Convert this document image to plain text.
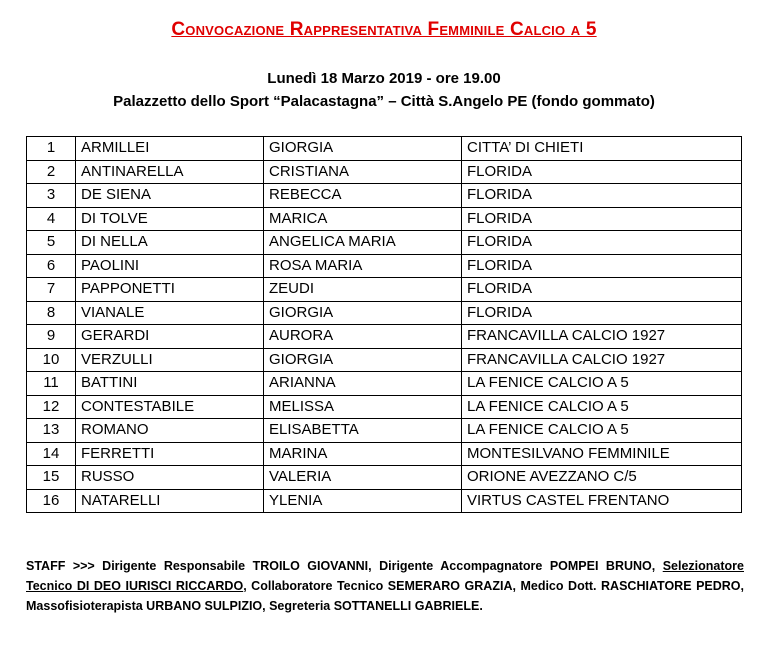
Convocazione Rappresentativa Femminile Calcio a 5
Lunedì 18 Marzo 2019 - ore 19.00
Palazzetto dello Sport “Palacastagna” – Città S.Angelo PE (fondo gommato)
1	ARMILLEI	GIORGIA	CITTA’ DI CHIETI
2	ANTINARELLA	CRISTIANA	FLORIDA
3	DE SIENA	REBECCA	FLORIDA
4	DI TOLVE	MARICA	FLORIDA
5	DI NELLA	ANGELICA MARIA	FLORIDA
6	PAOLINI	ROSA MARIA	FLORIDA
7	PAPPONETTI	ZEUDI	FLORIDA
8	VIANALE	GIORGIA	FLORIDA
9	GERARDI	AURORA	FRANCAVILLA CALCIO 1927
10	VERZULLI	GIORGIA	FRANCAVILLA CALCIO 1927
11	BATTINI	ARIANNA	LA FENICE CALCIO A 5
12	CONTESTABILE	MELISSA	LA FENICE CALCIO A 5
13	ROMANO	ELISABETTA	LA FENICE CALCIO A 5
14	FERRETTI	MARINA	MONTESILVANO FEMMINILE
15	RUSSO	VALERIA	ORIONE AVEZZANO C/5
16	NATARELLI	YLENIA	VIRTUS CASTEL FRENTANO
STAFF >>> Dirigente Responsabile TROILO GIOVANNI, Dirigente Accompagnatore POMPEI BRUNO, Selezionatore Tecnico DI DEO IURISCI RICCARDO, Collaboratore Tecnico SEMERARO GRAZIA, Medico Dott. RASCHIATORE PEDRO, Massofisioterapista URBANO SULPIZIO, Segreteria SOTTANELLI GABRIELE.
